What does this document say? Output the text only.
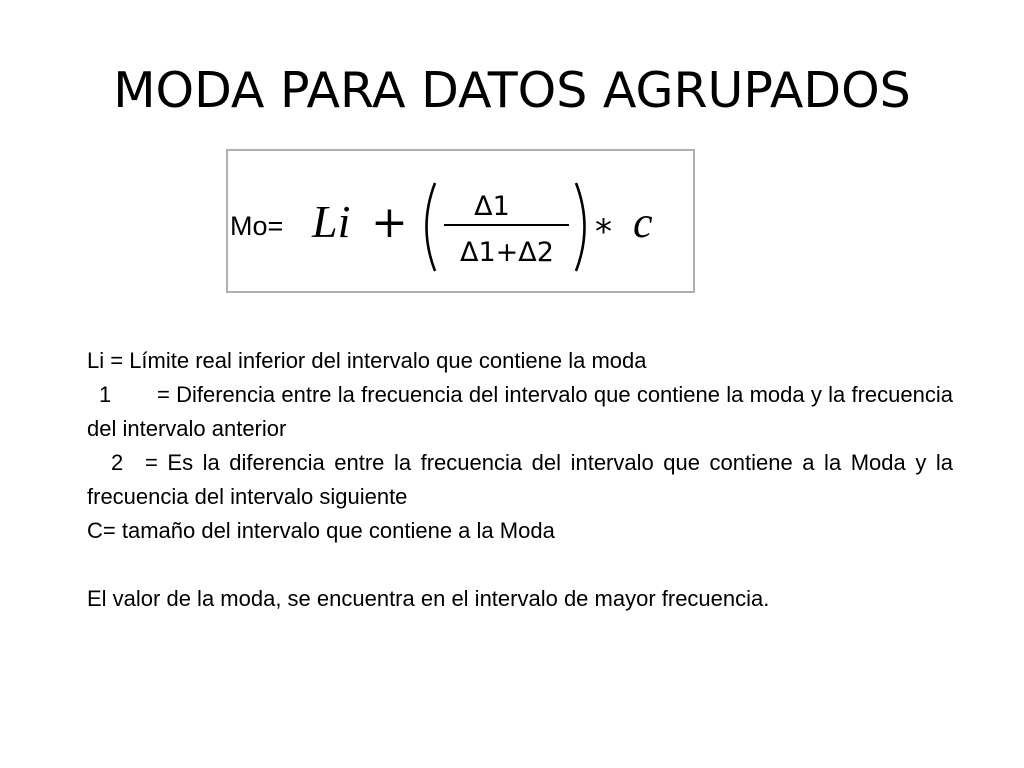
MODA PARA DATOS AGRUPADOS
Mo= Li + Δ1
Δ1+Δ2
* c

Li = Límite real inferior del intervalo que contiene la moda

1 = Diferencia entre la frecuencia del intervalo que contiene la moda y la frecuencia del intervalo anterior

2 = Es la diferencia entre la frecuencia del intervalo que contiene a la Moda y la frecuencia del intervalo siguiente

C= tamaño del intervalo que contiene a la Moda

El valor de la moda, se encuentra en el intervalo de mayor frecuencia.
